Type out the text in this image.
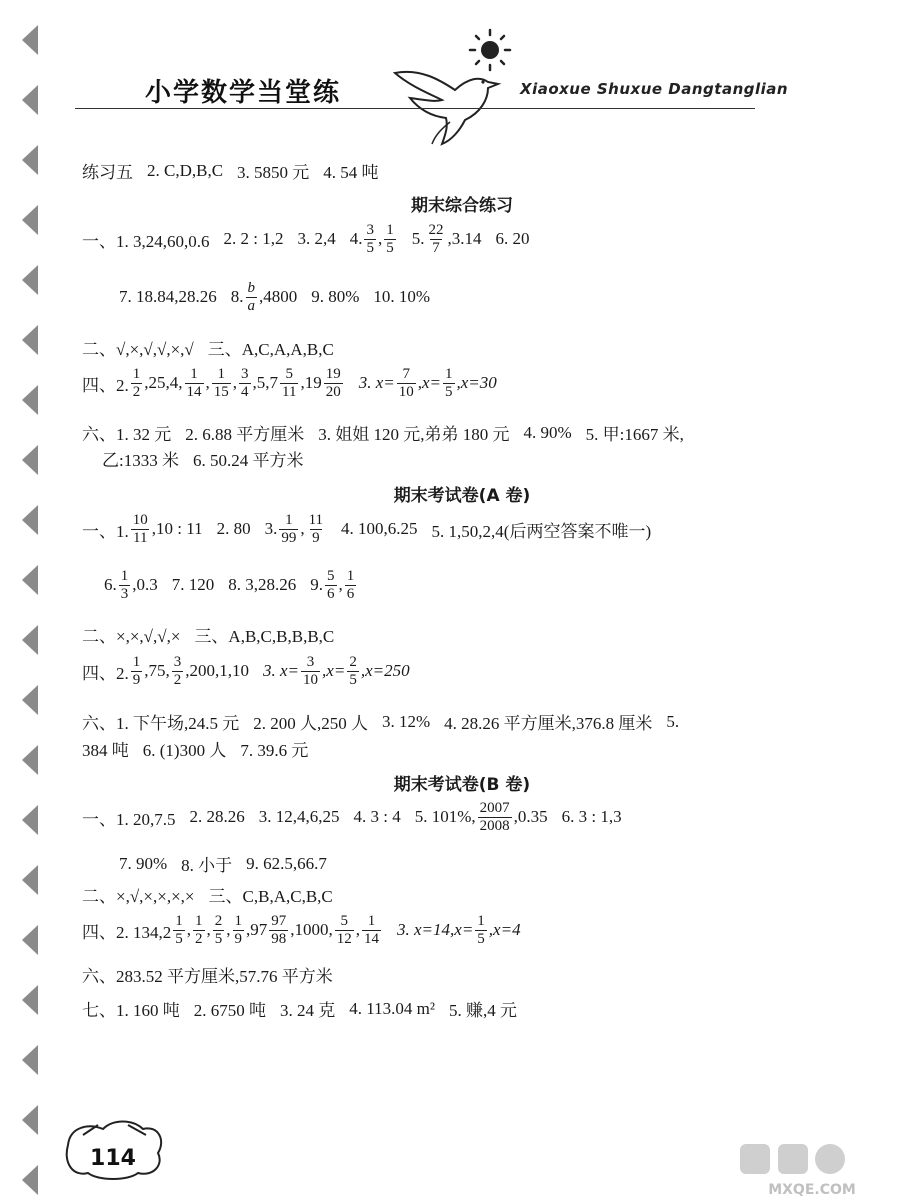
小学数学当堂练	Xiaoxue Shuxue Dangtanglian
练习五 2. C,D,B,C 3. 5850 元 4. 54 吨
期末综合练习
一、1. 3,24,60,0.6 2. 2 : 1,2 3. 2,4 4. $\frac{3}{5}$ , $\frac{1}{5} 5$. $\frac{22}{7} ,3.14$ 6. 20
7. 18.84,28.26 8. $\frac{b}{a} ,4800$ 9. 80% 10. 10%
二、√,×,√,√,×,√ 三、A,C,A,A,B,C
四、2. $\frac{1}{2} ,25,4$, $\frac{1}{14}$ , $\frac{1}{15}$ , $\frac{3}{4} ,5,7 \frac{5}{11} ,19 \frac{19}{20} 3$. $x= \frac{7}{10} ,x= \frac{1}{5} ,x=30$
六、1. 32 元 2. 6.88 平方厘米 3. 姐姐 120 元,弟弟 180 元 4. 90% 5. 甲:1667 米,
乙:1333 米 6. 50.24 平方米
期末考试卷(A 卷)
一、1. $\frac{10}{11} ,10$ : 11 2. 80 3. $\frac{1}{99}$ , $\frac{11}{9} 4$. 100,6.25 5. 1,50,2,4(后两空答案不唯一)
6. $\frac{1}{3} ,0.3$ 7. 120 8. 3,28.26 9. $\frac{5}{6}$ , $\frac{1}{6}$
二、×,×,√,√,× 三、A,B,C,B,B,B,C
四、2. $\frac{1}{9} ,75$, $\frac{3}{2} ,200,1,10$ 3. $x= \frac{3}{10} ,x= \frac{2}{5} ,x=250$
六、1. 下午场,24.5 元 2. 200 人,250 人 3. 12% 4. 28.26 平方厘米,376.8 厘米 5.
384 吨 6. (1)300 人 7. 39.6 元
期末考试卷(B 卷)
一、1. 20,7.5 2. 28.26 3. 12,4,6,25 4. 3 : 4 5. 101%, $\frac{2007}{2008} ,0.35$ 6. 3 : 1,3
7. 90% 8. 小于 9. 62.5,66.7
二、×,√,×,×,×,× 三、C,B,A,C,B,C
四、2. $134,2 \frac{1}{5}$ , $\frac{1}{2}$ , $\frac{2}{5}$ , $\frac{1}{9} ,97 \frac{97}{98} ,1000$, $\frac{5}{12}$ , $\frac{1}{14} 3$. $x=14,x= \frac{1}{5} ,x=4$
六、283.52 平方厘米,57.76 平方米
七、1. 160 吨 2. 6750 吨 3. 24 克 4. 113.04 m² 5. 赚,4 元
114
MXQE.COM
